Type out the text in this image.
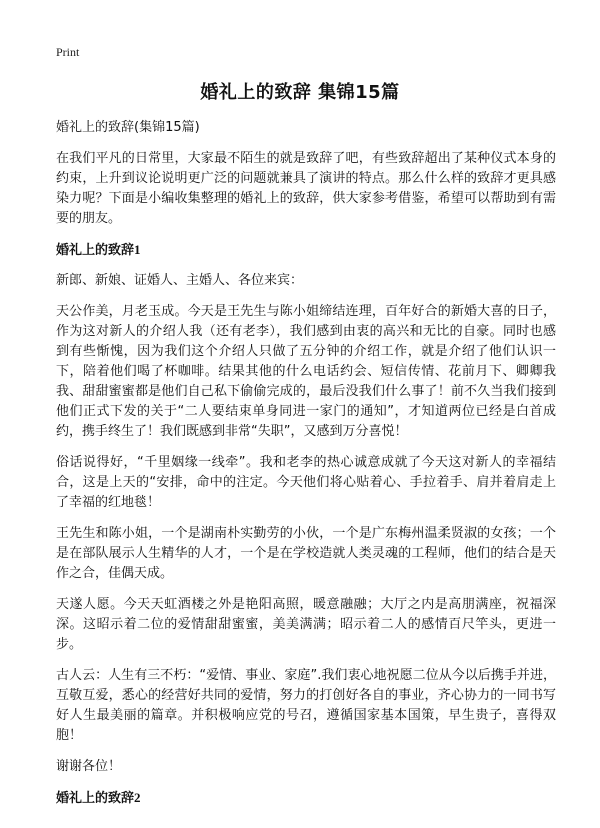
Print
婚礼上的致辞 集锦15篇

婚礼上的致辞(集锦15篇)

在我们平凡的日常里，大家最不陌生的就是致辞了吧，有些致辞超出了某种仪式本身的约束，上升到议论说明更广泛的问题就兼具了演讲的特点。那么什么样的致辞才更具感染力呢？下面是小编收集整理的婚礼上的致辞，供大家参考借鉴，希望可以帮助到有需要的朋友。

婚礼上的致辞1

新郎、新娘、证婚人、主婚人、各位来宾：

天公作美，月老玉成。今天是王先生与陈小姐缔结连理，百年好合的新婚大喜的日子，作为这对新人的介绍人我（还有老李），我们感到由衷的高兴和无比的自豪。同时也感到有些惭愧，因为我们这个介绍人只做了五分钟的介绍工作，就是介绍了他们认识一下，陪着他们喝了杯咖啡。结果其他的什么电话约会、短信传情、花前月下、卿卿我我、甜甜蜜蜜都是他们自己私下偷偷完成的，最后没我们什么事了！前不久当我们接到他们正式下发的关于“二人要结束单身同进一家门的通知”，才知道两位已经是白首成约，携手终生了！我们既感到非常“失职”，又感到万分喜悦！

俗话说得好，“千里姻缘一线牵”。我和老李的热心诚意成就了今天这对新人的幸福结合，这是上天的“安排，命中的注定。今天他们将心贴着心、手拉着手、肩并着肩走上了幸福的红地毯！

王先生和陈小姐，一个是湖南朴实勤劳的小伙，一个是广东梅州温柔贤淑的女孩；一个是在部队展示人生精华的人才，一个是在学校造就人类灵魂的工程师，他们的结合是天作之合，佳偶天成。

天遂人愿。今天天虹酒楼之外是艳阳高照，暖意融融；大厅之内是高朋满座，祝福深深。这昭示着二位的爱情甜甜蜜蜜，美美满满；昭示着二人的感情百尺竿头，更进一步。

古人云：人生有三不朽：“爱情、事业、家庭”.我们衷心地祝愿二位从今以后携手并进，互敬互爱，悉心的经营好共同的爱情，努力的打创好各自的事业，齐心协力的一同书写好人生最美丽的篇章。并积极响应党的号召，遵循国家基本国策，早生贵子，喜得双胞！

谢谢各位！

婚礼上的致辞2
